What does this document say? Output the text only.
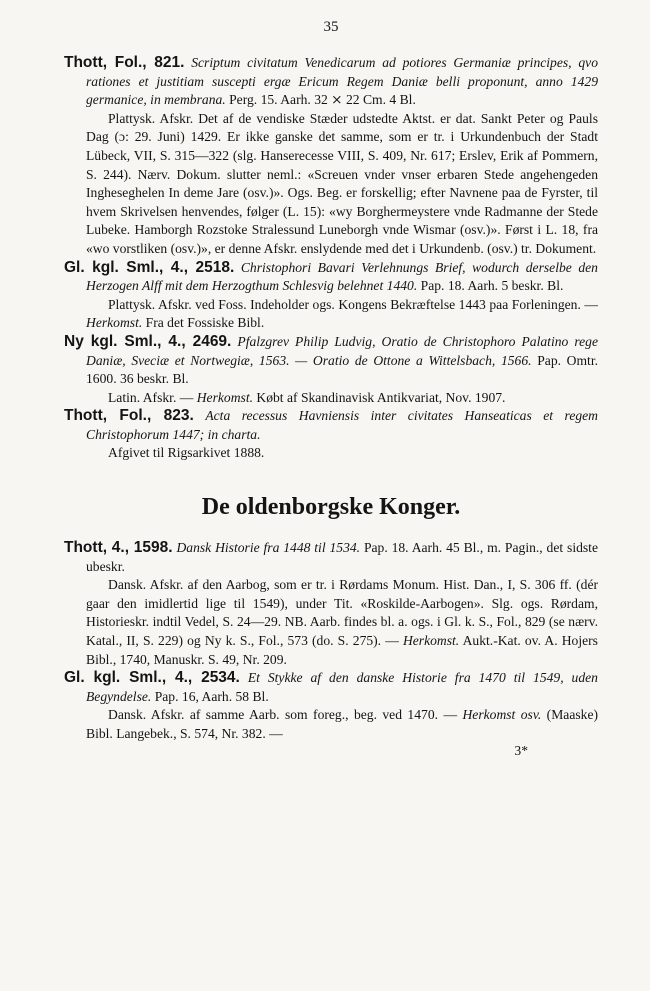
35
Thott, Fol., 821. Scriptum civitatum Venedicarum ad potiores Germaniæ principes, qvo rationes et justitiam suscepti ergæ Ericum Regem Daniæ belli proponunt, anno 1429 germanice, in membrana. Perg. 15. Aarh. 32 ⨯ 22 Cm. 4 Bl.
Plattysk. Afskr. Det af de vendiske Stæder udstedte Aktst. er dat. Sankt Peter og Pauls Dag (ɔ: 29. Juni) 1429. Er ikke ganske det samme, som er tr. i Urkundenbuch der Stadt Lübeck, VII, S. 315—322 (slg. Hanserecesse VIII, S. 409, Nr. 617; Erslev, Erik af Pommern, S. 244). Nærv. Dokum. slutter neml.: «Screuen vnder vnser erbaren Stede angehengeden Ingheseghelen In deme Jare (osv.)». Ogs. Beg. er forskellig; efter Navnene paa de Fyrster, til hvem Skrivelsen henvendes, følger (L. 15): «wy Borghermeystere vnde Radmanne der Stede Lubeke. Hamborgh Rozstoke Stralessund Luneborgh vnde Wismar (osv.)». Først i L. 18, fra «wo vorstliken (osv.)», er denne Afskr. enslydende med det i Urkundenb. (osv.) tr. Dokument.
Gl. kgl. Sml., 4., 2518. Christophori Bavari Verlehnungs Brief, wodurch derselbe den Herzogen Alff mit dem Herzogthum Schlesvig belehnet 1440. Pap. 18. Aarh. 5 beskr. Bl.
Plattysk. Afskr. ved Foss. Indeholder ogs. Kongens Bekræftelse 1443 paa Forleningen. — Herkomst. Fra det Fossiske Bibl.
Ny kgl. Sml., 4., 2469. Pfalzgrev Philip Ludvig, Oratio de Christophoro Palatino rege Daniæ, Sveciæ et Nortwegiæ, 1563. — Oratio de Ottone a Wittelsbach, 1566. Pap. Omtr. 1600. 36 beskr. Bl.
Latin. Afskr. — Herkomst. Købt af Skandinavisk Antikvariat, Nov. 1907.
Thott, Fol., 823. Acta recessus Havniensis inter civitates Hanseaticas et regem Christophorum 1447; in charta.
Afgivet til Rigsarkivet 1888.
De oldenborgske Konger.
Thott, 4., 1598. Dansk Historie fra 1448 til 1534. Pap. 18. Aarh. 45 Bl., m. Pagin., det sidste ubeskr.
Dansk. Afskr. af den Aarbog, som er tr. i Rørdams Monum. Hist. Dan., I, S. 306 ff. (dér gaar den imidlertid lige til 1549), under Tit. «Roskilde-Aarbogen». Slg. ogs. Rørdam, Historieskr. indtil Vedel, S. 24—29. NB. Aarb. findes bl. a. ogs. i Gl. k. S., Fol., 829 (se nærv. Katal., II, S. 229) og Ny k. S., Fol., 573 (do. S. 275). — Herkomst. Aukt.-Kat. ov. A. Hojers Bibl., 1740, Manuskr. S. 49, Nr. 209.
Gl. kgl. Sml., 4., 2534. Et Stykke af den danske Historie fra 1470 til 1549, uden Begyndelse. Pap. 16, Aarh. 58 Bl.
Dansk. Afskr. af samme Aarb. som foreg., beg. ved 1470. — Herkomst osv. (Maaske) Bibl. Langebek., S. 574, Nr. 382. —
3*
